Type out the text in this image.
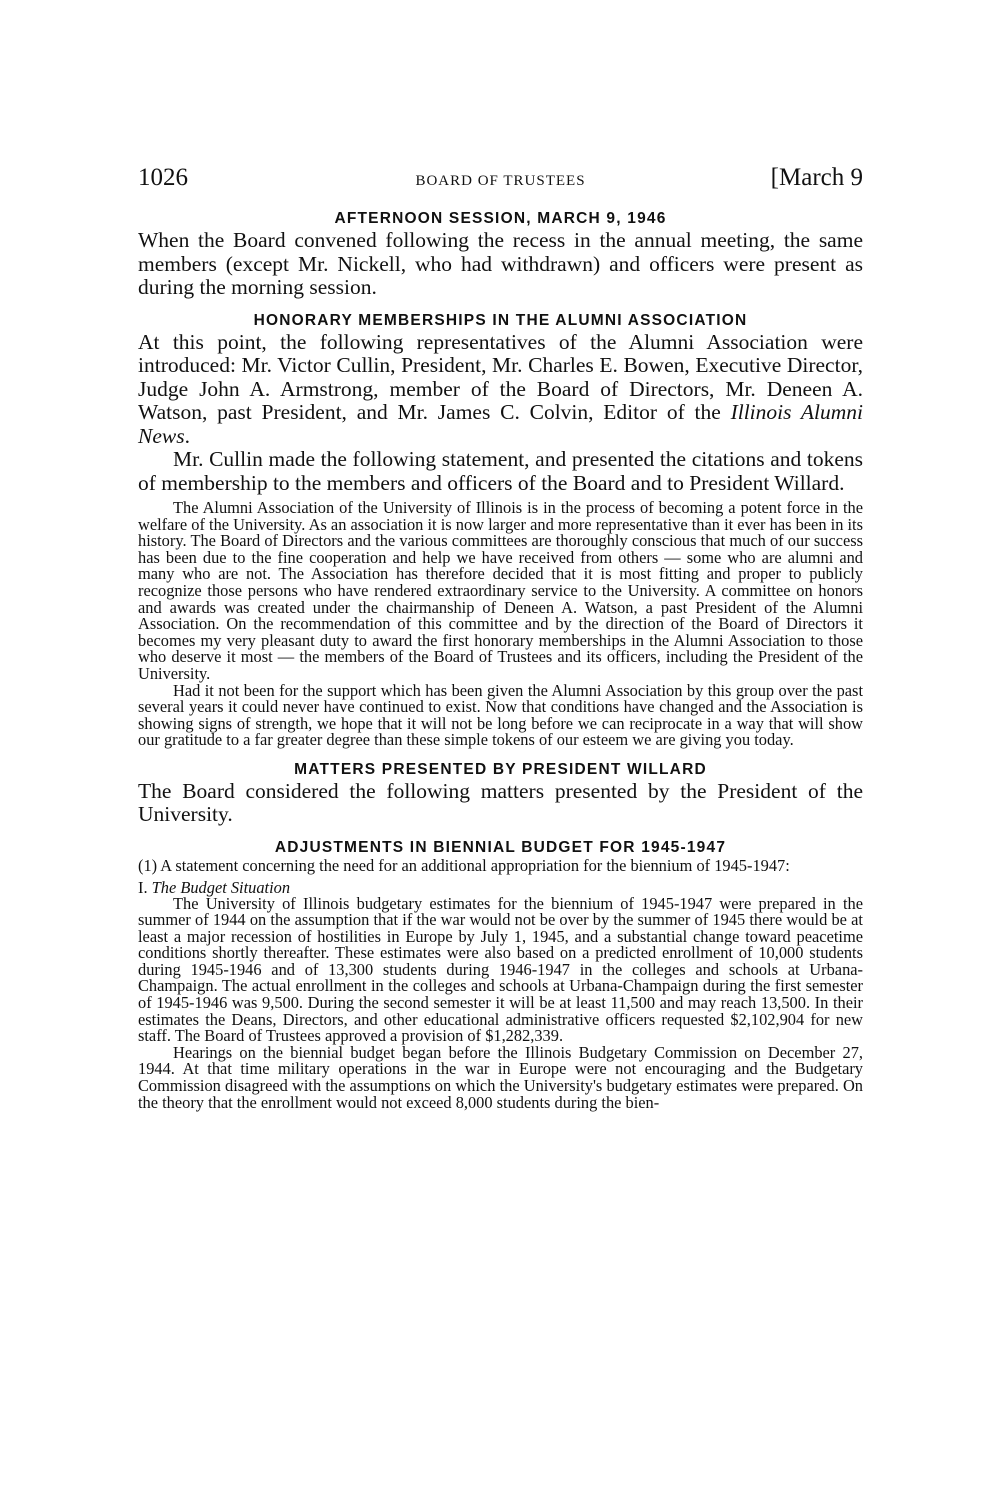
1026	BOARD OF TRUSTEES	[March 9
AFTERNOON SESSION, MARCH 9, 1946

When the Board convened following the recess in the annual meeting, the same members (except Mr. Nickell, who had withdrawn) and officers were present as during the morning session.

HONORARY MEMBERSHIPS IN THE ALUMNI ASSOCIATION

At this point, the following representatives of the Alumni Association were introduced: Mr. Victor Cullin, President, Mr. Charles E. Bowen, Executive Director, Judge John A. Armstrong, member of the Board of Directors, Mr. Deneen A. Watson, past President, and Mr. James C. Colvin, Editor of the Illinois Alumni News.

Mr. Cullin made the following statement, and presented the citations and tokens of membership to the members and officers of the Board and to President Willard.

The Alumni Association of the University of Illinois is in the process of becoming a potent force in the welfare of the University. As an association it is now larger and more representative than it ever has been in its history. The Board of Directors and the various committees are thoroughly conscious that much of our success has been due to the fine cooperation and help we have received from others — some who are alumni and many who are not. The Association has therefore decided that it is most fitting and proper to publicly recognize those persons who have rendered extraordinary service to the University. A committee on honors and awards was created under the chairmanship of Deneen A. Watson, a past President of the Alumni Association. On the recommendation of this committee and by the direction of the Board of Directors it becomes my very pleasant duty to award the first honorary memberships in the Alumni Association to those who deserve it most — the members of the Board of Trustees and its officers, including the President of the University.

Had it not been for the support which has been given the Alumni Association by this group over the past several years it could never have continued to exist. Now that conditions have changed and the Association is showing signs of strength, we hope that it will not be long before we can reciprocate in a way that will show our gratitude to a far greater degree than these simple tokens of our esteem we are giving you today.

MATTERS PRESENTED BY PRESIDENT WILLARD

The Board considered the following matters presented by the President of the University.

ADJUSTMENTS IN BIENNIAL BUDGET FOR 1945-1947

(1) A statement concerning the need for an additional appropriation for the biennium of 1945-1947:

I. The Budget Situation

The University of Illinois budgetary estimates for the biennium of 1945-1947 were prepared in the summer of 1944 on the assumption that if the war would not be over by the summer of 1945 there would be at least a major recession of hostilities in Europe by July 1, 1945, and a substantial change toward peacetime conditions shortly thereafter. These estimates were also based on a predicted enrollment of 10,000 students during 1945-1946 and of 13,300 students during 1946-1947 in the colleges and schools at Urbana-Champaign. The actual enrollment in the colleges and schools at Urbana-Champaign during the first semester of 1945-1946 was 9,500. During the second semester it will be at least 11,500 and may reach 13,500. In their estimates the Deans, Directors, and other educational administrative officers requested $2,102,904 for new staff. The Board of Trustees approved a provision of $1,282,339.

Hearings on the biennial budget began before the Illinois Budgetary Commission on December 27, 1944. At that time military operations in the war in Europe were not encouraging and the Budgetary Commission disagreed with the assumptions on which the University's budgetary estimates were prepared. On the theory that the enrollment would not exceed 8,000 students during the bien-
